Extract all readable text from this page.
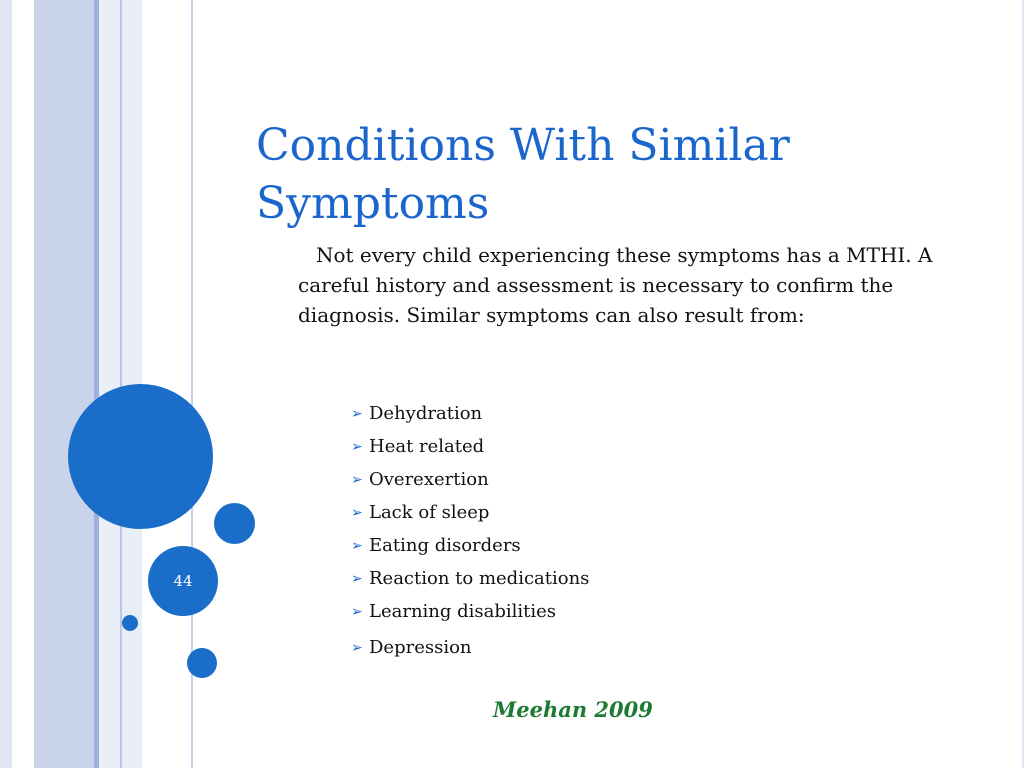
44
Conditions With Similar Symptoms

Not every child experiencing these symptoms has a MTHI. A careful history and assessment is necessary to confirm the diagnosis. Similar symptoms can also result from:

➢ Dehydration
➢ Heat related
➢ Overexertion
➢ Lack of sleep
➢ Eating disorders
➢ Reaction to medications
➢ Learning disabilities
➢ Depression
Meehan 2009
